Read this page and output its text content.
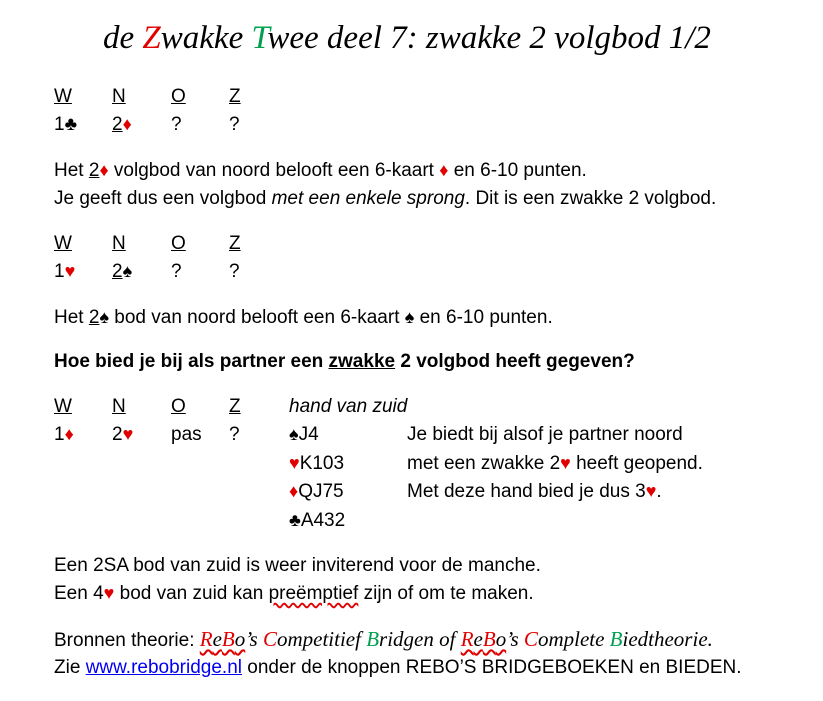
de Zwakke Twee deel 7: zwakke 2 volgbod 1/2
W N O Z
1♣ 2♦ ? ?
Het 2♦ volgbod van noord belooft een 6-kaart ♦ en 6-10 punten.
Je geeft dus een volgbod met een enkele sprong. Dit is een zwakke 2 volgbod.
W N O Z
1♥ 2♠ ? ?
Het 2♠ bod van noord belooft een 6-kaart ♠ en 6-10 punten.
Hoe bied je bij als partner een zwakke 2 volgbod heeft gegeven?
W N O Z
1♦ 2♥ pas ?
hand van zuid
♠J4
♥K103
♦QJ75
♣A432
Je biedt bij alsof je partner noord
met een zwakke 2♥ heeft geopend.
Met deze hand bied je dus 3♥.
Een 2SA bod van zuid is weer inviterend voor de manche.
Een 4♥ bod van zuid kan preëmptief zijn of om te maken.
Bronnen theorie: ReBo’s Competitief Bridgen of ReBo’s Complete Biedtheorie.
Zie www.rebobridge.nl onder de knoppen REBO’S BRIDGEBOEKEN en BIEDEN.
